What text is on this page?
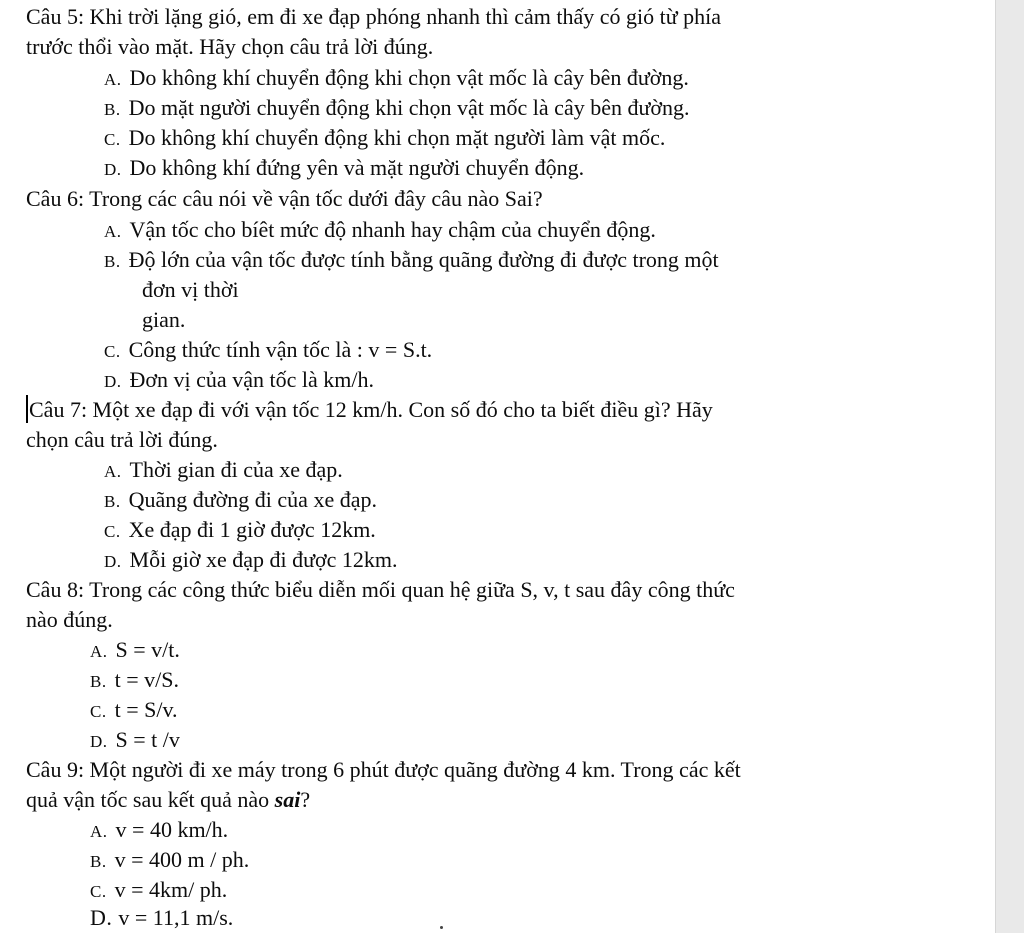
Câu 5: Khi trời lặng gió, em đi xe đạp phóng nhanh thì cảm thấy có gió từ phía
trước thổi vào mặt. Hãy chọn câu trả lời đúng.
A. Do không khí chuyển động khi chọn vật mốc là cây bên đường.
B. Do mặt người chuyển động khi chọn vật mốc là cây bên đường.
C. Do không khí chuyển động khi chọn mặt người làm vật mốc.
D. Do không khí đứng yên và mặt người chuyển động.
Câu 6: Trong các câu nói về vận tốc dưới đây câu nào Sai?
A. Vận tốc cho bíêt mức độ nhanh hay chậm của chuyển động.
B. Độ lớn của vận tốc được tính bằng quãng đường đi được trong một
đơn vị thời
gian.
C. Công thức tính vận tốc là : v = S.t.
D. Đơn vị của vận tốc là km/h.
Câu 7: Một xe đạp đi với vận tốc 12 km/h. Con số đó cho ta biết điều gì? Hãy
chọn câu trả lời đúng.
A. Thời gian đi của xe đạp.
B. Quãng đường đi của xe đạp.
C. Xe đạp đi 1 giờ được 12km.
D. Mỗi giờ xe đạp đi được 12km.
Câu 8: Trong các công thức biểu diễn mối quan hệ giữa S, v, t sau đây công thức
nào đúng.
A. S = v/t.
B. t = v/S.
C. t = S/v.
D. S = t /v
Câu 9: Một người đi xe máy trong 6 phút được quãng đường 4 km. Trong các kết
quả vận tốc sau kết quả nào sai?
A. v = 40 km/h.
B. v = 400 m / ph.
C. v = 4km/ ph.
D. v = 11,1 m/s.
